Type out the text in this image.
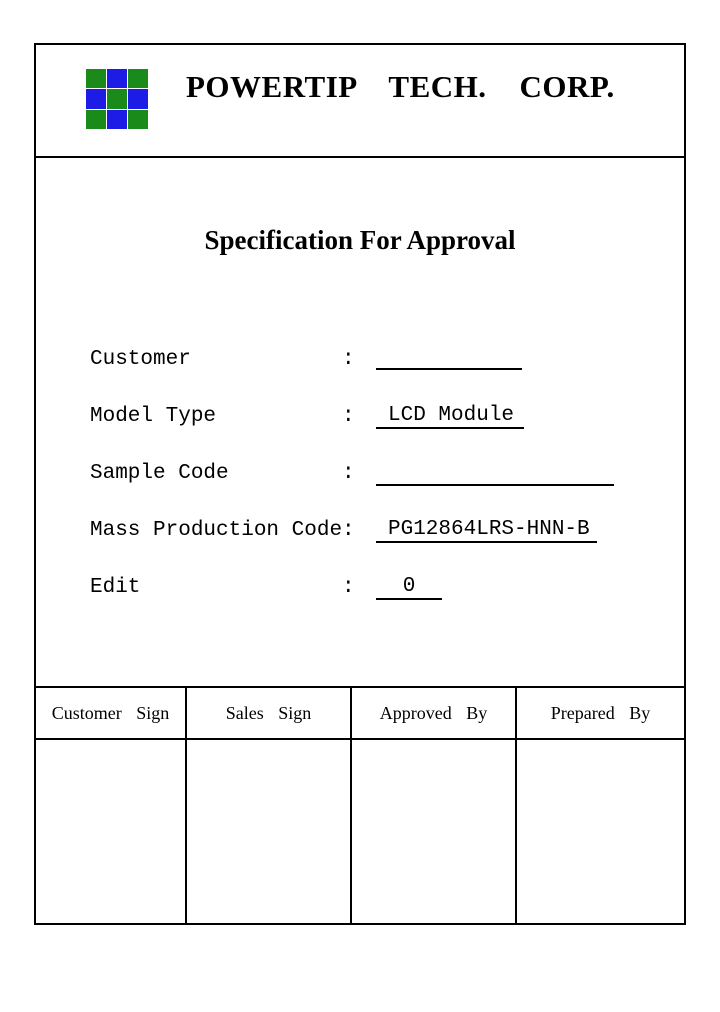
POWERTIP    TECH.    CORP.
Specification For Approval
Customer	:
Model Type	:	LCD Module
Sample Code	:
Mass Production Code :	PG12864LRS-HNN-B
Edit	:	0
Customer Sign	Sales Sign	Approved By	Prepared By
